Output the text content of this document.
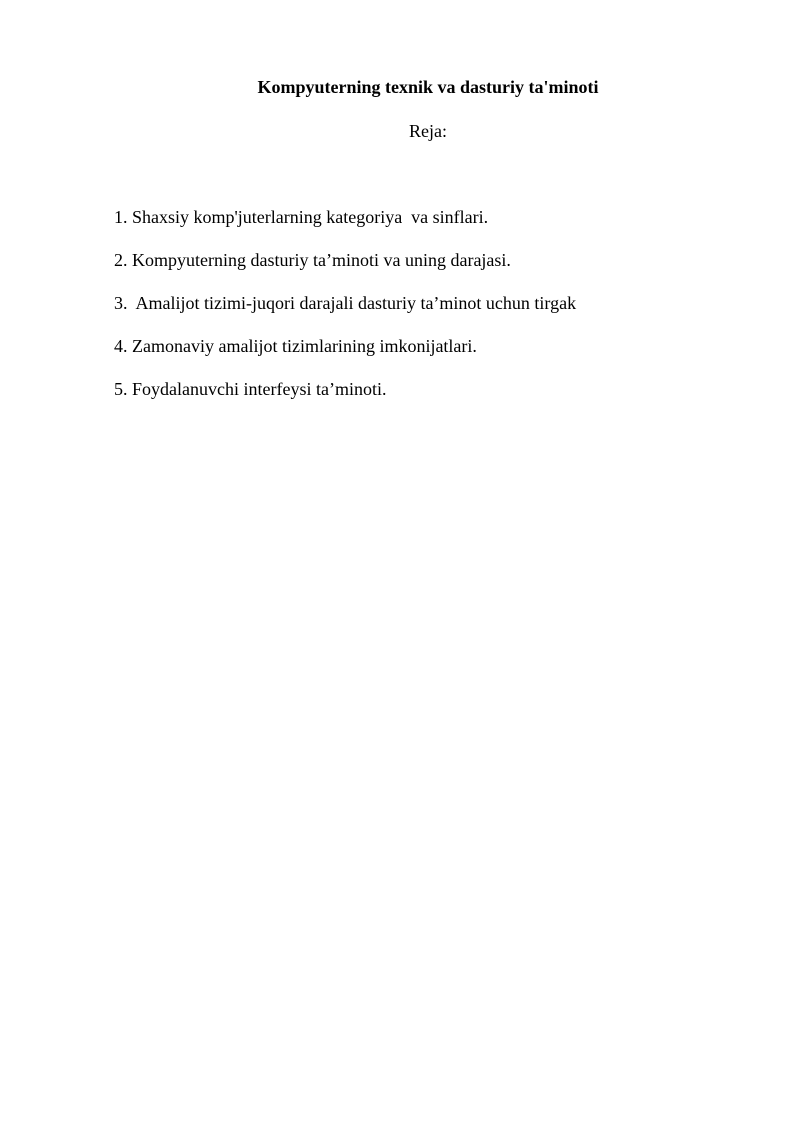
Kompyuterning texnik va dasturiy ta'minoti
Reja:
1. Shaxsiy komp'juterlarning kategoriya  va sinflari.
2. Kompyuterning dasturiy ta’minoti va uning darajasi.
3.  Amalijot tizimi-juqori darajali dasturiy ta’minot uchun tirgak
4. Zamonaviy amalijot tizimlarining imkonijatlari.
5. Foydalanuvchi interfeysi ta’minoti.
